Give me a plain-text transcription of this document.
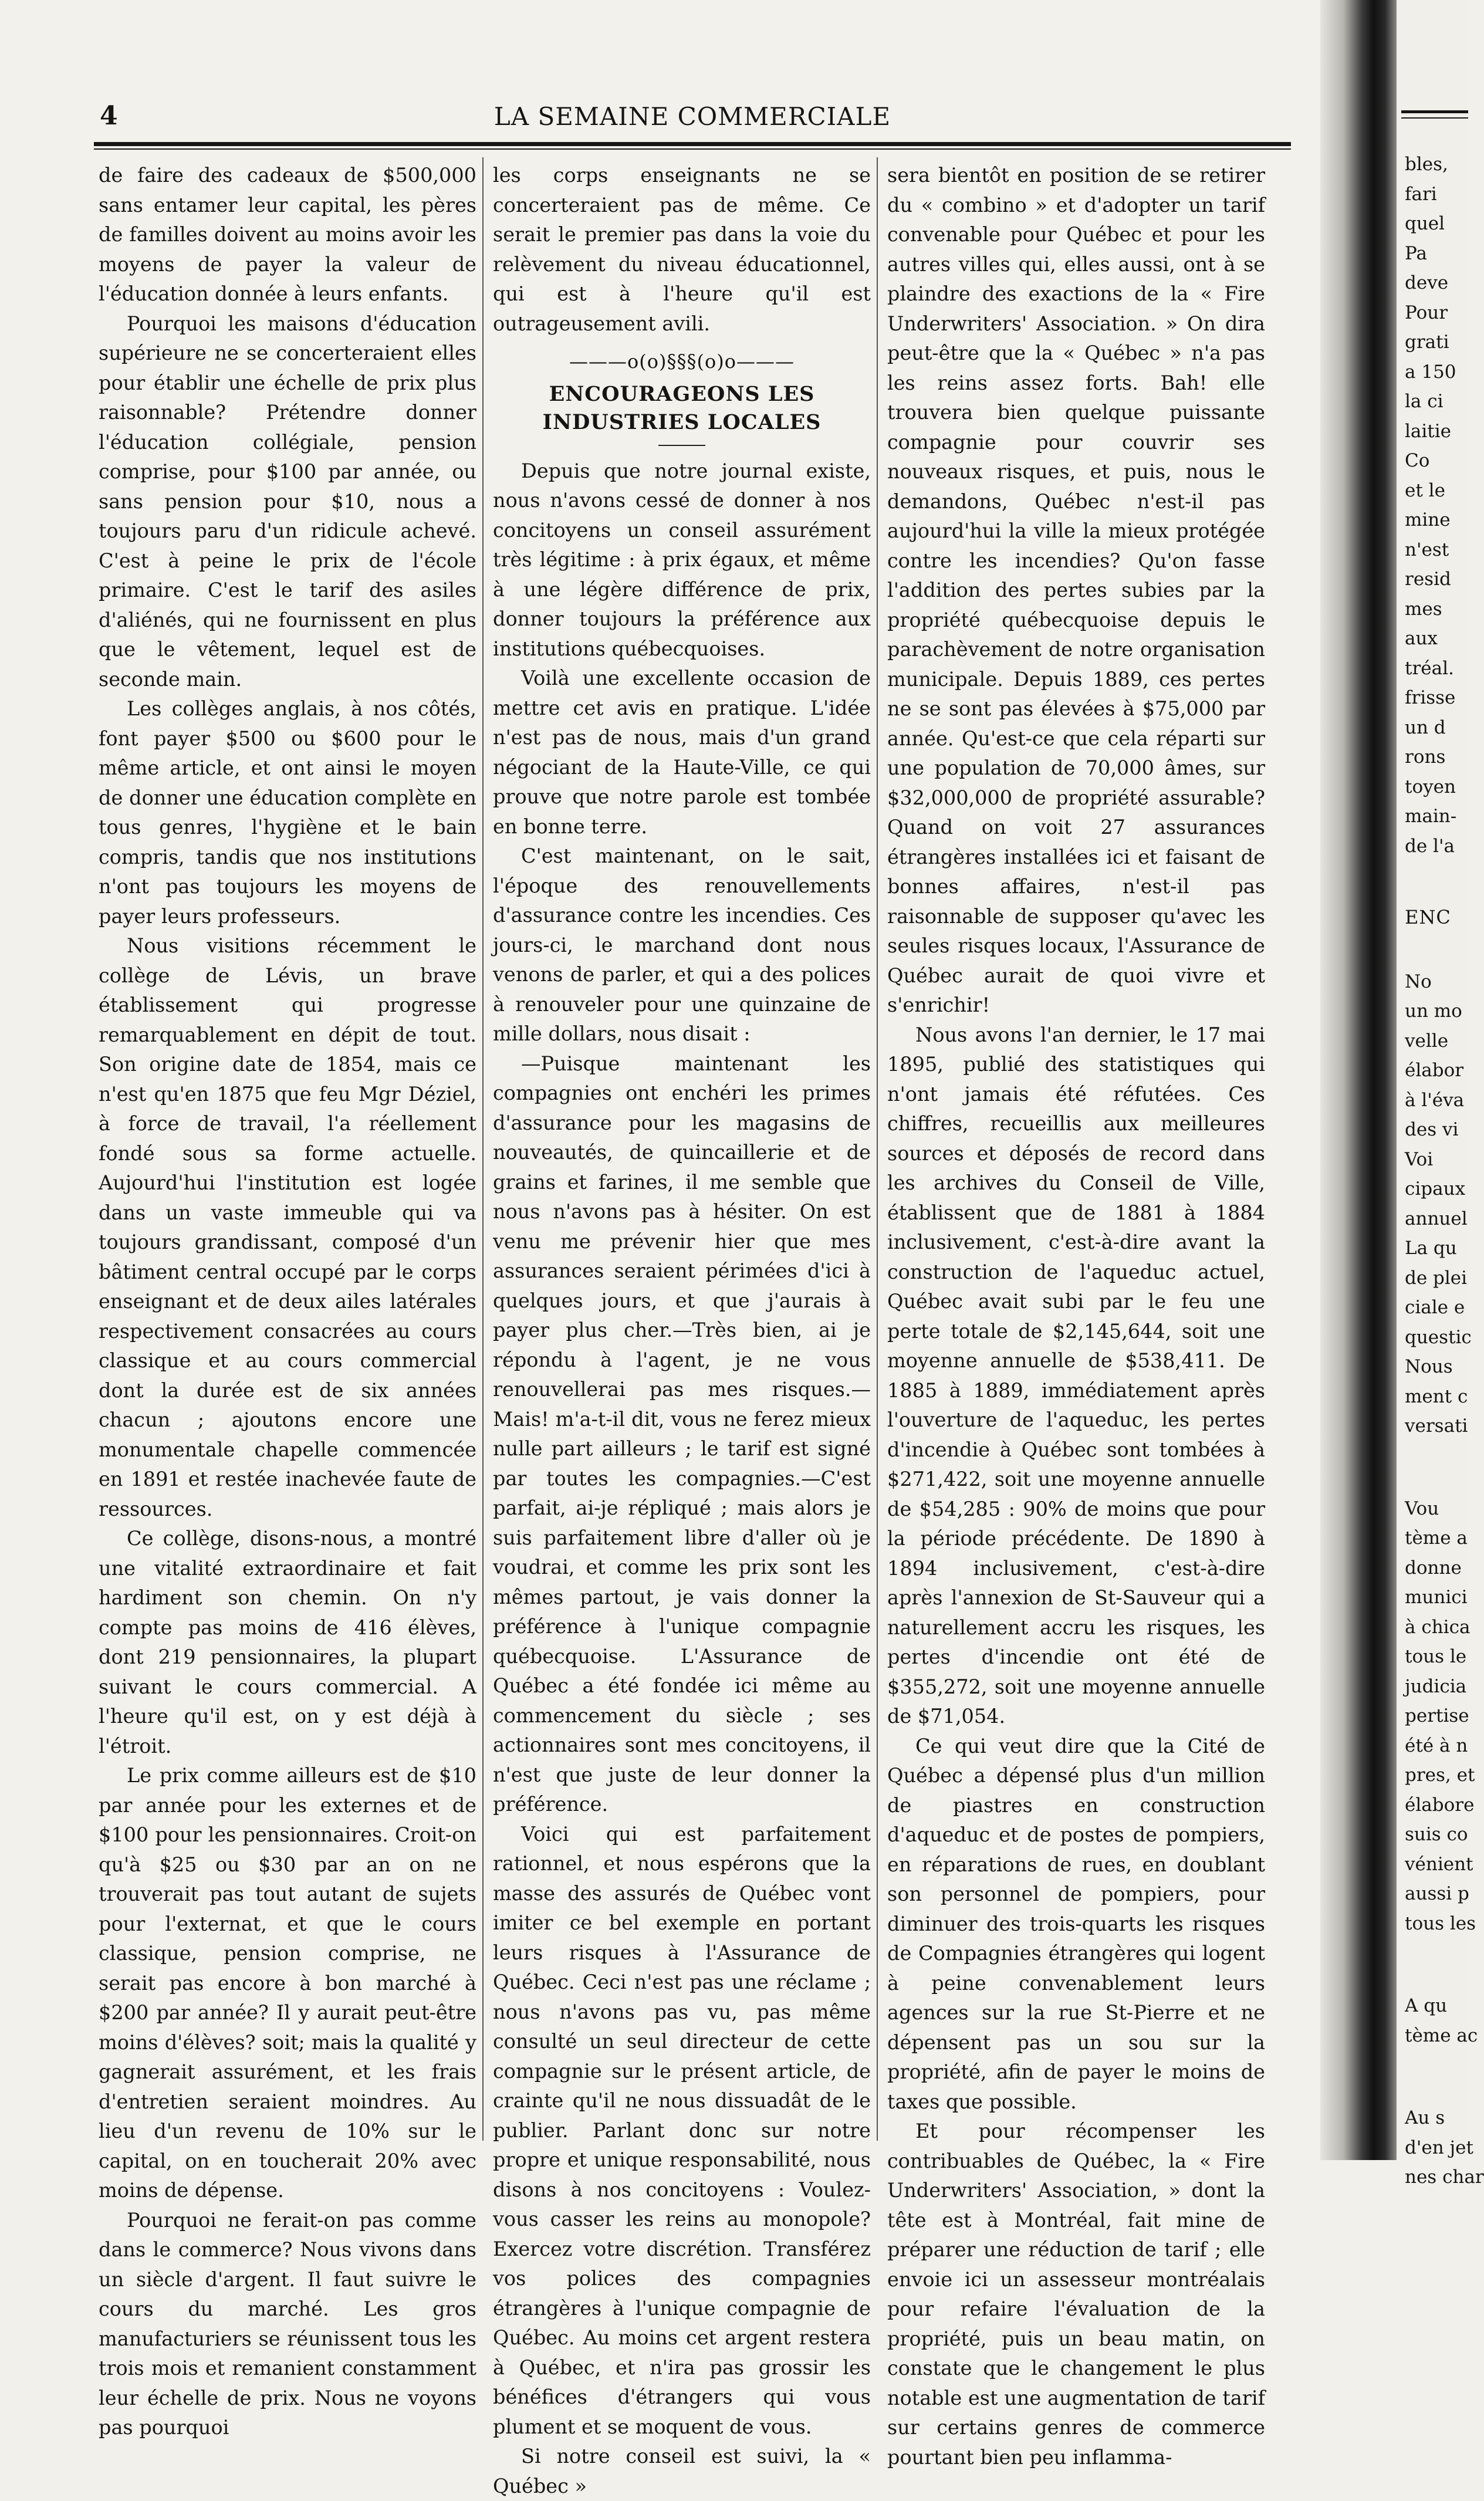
4	LA SEMAINE COMMERCIALE

de faire des cadeaux de $500,000 sans entamer leur capital, les pères de familles doivent au moins avoir les moyens de payer la valeur de l'éducation donnée à leurs enfants.

Pourquoi les maisons d'éducation supérieure ne se concerteraient elles pour établir une échelle de prix plus raisonnable? Prétendre donner l'éducation collégiale, pension comprise, pour $100 par année, ou sans pension pour $10, nous a toujours paru d'un ridicule achevé. C'est à peine le prix de l'école primaire. C'est le tarif des asiles d'aliénés, qui ne fournissent en plus que le vêtement, lequel est de seconde main.

Les collèges anglais, à nos côtés, font payer $500 ou $600 pour le même article, et ont ainsi le moyen de donner une éducation complète en tous genres, l'hygiène et le bain compris, tandis que nos institutions n'ont pas toujours les moyens de payer leurs professeurs.

Nous visitions récemment le collège de Lévis, un brave établissement qui progresse remarquablement en dépit de tout. Son origine date de 1854, mais ce n'est qu'en 1875 que feu Mgr Déziel, à force de travail, l'a réellement fondé sous sa forme actuelle. Aujourd'hui l'institution est logée dans un vaste immeuble qui va toujours grandissant, composé d'un bâtiment central occupé par le corps enseignant et de deux ailes latérales respectivement consacrées au cours classique et au cours commercial dont la durée est de six années chacun ; ajoutons encore une monumentale chapelle commencée en 1891 et restée inachevée faute de ressources.

Ce collège, disons-nous, a montré une vitalité extraordinaire et fait hardiment son chemin. On n'y compte pas moins de 416 élèves, dont 219 pensionnaires, la plupart suivant le cours commercial. A l'heure qu'il est, on y est déjà à l'étroit.

Le prix comme ailleurs est de $10 par année pour les externes et de $100 pour les pensionnaires. Croit-on qu'à $25 ou $30 par an on ne trouverait pas tout autant de sujets pour l'externat, et que le cours classique, pension comprise, ne serait pas encore à bon marché à $200 par année? Il y aurait peut-être moins d'élèves? soit; mais la qualité y gagnerait assurément, et les frais d'entretien seraient moindres. Au lieu d'un revenu de 10% sur le capital, on en toucherait 20% avec moins de dépense.

Pourquoi ne ferait-on pas comme dans le commerce? Nous vivons dans un siècle d'argent. Il faut suivre le cours du marché. Les gros manufacturiers se réunissent tous les trois mois et remanient constamment leur échelle de prix. Nous ne voyons pas pourquoi

les corps enseignants ne se concerteraient pas de même. Ce serait le premier pas dans la voie du relèvement du niveau éducationnel, qui est à l'heure qu'il est outrageusement avili.

———o(o)§§§(o)o———
ENCOURAGEONS LES INDUSTRIES LOCALES

Depuis que notre journal existe, nous n'avons cessé de donner à nos concitoyens un conseil assurément très légitime : à prix égaux, et même à une légère différence de prix, donner toujours la préférence aux institutions québecquoises.

Voilà une excellente occasion de mettre cet avis en pratique. L'idée n'est pas de nous, mais d'un grand négociant de la Haute-Ville, ce qui prouve que notre parole est tombée en bonne terre.

C'est maintenant, on le sait, l'époque des renouvellements d'assurance contre les incendies. Ces jours-ci, le marchand dont nous venons de parler, et qui a des polices à renouveler pour une quinzaine de mille dollars, nous disait :

—Puisque maintenant les compagnies ont enchéri les primes d'assurance pour les magasins de nouveautés, de quincaillerie et de grains et farines, il me semble que nous n'avons pas à hésiter. On est venu me prévenir hier que mes assurances seraient périmées d'ici à quelques jours, et que j'aurais à payer plus cher.—Très bien, ai je répondu à l'agent, je ne vous renouvellerai pas mes risques.—Mais! m'a-t-il dit, vous ne ferez mieux nulle part ailleurs ; le tarif est signé par toutes les compagnies.—C'est parfait, ai-je répliqué ; mais alors je suis parfaitement libre d'aller où je voudrai, et comme les prix sont les mêmes partout, je vais donner la préférence à l'unique compagnie québecquoise. L'Assurance de Québec a été fondée ici même au commencement du siècle ; ses actionnaires sont mes concitoyens, il n'est que juste de leur donner la préférence.

Voici qui est parfaitement rationnel, et nous espérons que la masse des assurés de Québec vont imiter ce bel exemple en portant leurs risques à l'Assurance de Québec. Ceci n'est pas une réclame ; nous n'avons pas vu, pas même consulté un seul directeur de cette compagnie sur le présent article, de crainte qu'il ne nous dissuadât de le publier. Parlant donc sur notre propre et unique responsabilité, nous disons à nos concitoyens : Voulez-vous casser les reins au monopole? Exercez votre discrétion. Transférez vos polices des compagnies étrangères à l'unique compagnie de Québec. Au moins cet argent restera à Québec, et n'ira pas grossir les bénéfices d'étrangers qui vous plument et se moquent de vous.

Si notre conseil est suivi, la « Québec »

sera bientôt en position de se retirer du « combino » et d'adopter un tarif convenable pour Québec et pour les autres villes qui, elles aussi, ont à se plaindre des exactions de la « Fire Underwriters' Association. » On dira peut-être que la « Québec » n'a pas les reins assez forts. Bah! elle trouvera bien quelque puissante compagnie pour couvrir ses nouveaux risques, et puis, nous le demandons, Québec n'est-il pas aujourd'hui la ville la mieux protégée contre les incendies? Qu'on fasse l'addition des pertes subies par la propriété québecquoise depuis le parachèvement de notre organisation municipale. Depuis 1889, ces pertes ne se sont pas élevées à $75,000 par année. Qu'est-ce que cela réparti sur une population de 70,000 âmes, sur $32,000,000 de propriété assurable? Quand on voit 27 assurances étrangères installées ici et faisant de bonnes affaires, n'est-il pas raisonnable de supposer qu'avec les seules risques locaux, l'Assurance de Québec aurait de quoi vivre et s'enrichir!

Nous avons l'an dernier, le 17 mai 1895, publié des statistiques qui n'ont jamais été réfutées. Ces chiffres, recueillis aux meilleures sources et déposés de record dans les archives du Conseil de Ville, établissent que de 1881 à 1884 inclusivement, c'est-à-dire avant la construction de l'aqueduc actuel, Québec avait subi par le feu une perte totale de $2,145,644, soit une moyenne annuelle de $538,411. De 1885 à 1889, immédiatement après l'ouverture de l'aqueduc, les pertes d'incendie à Québec sont tombées à $271,422, soit une moyenne annuelle de $54,285 : 90% de moins que pour la période précédente. De 1890 à 1894 inclusivement, c'est-à-dire après l'annexion de St-Sauveur qui a naturellement accru les risques, les pertes d'incendie ont été de $355,272, soit une moyenne annuelle de $71,054.

Ce qui veut dire que la Cité de Québec a dépensé plus d'un million de piastres en construction d'aqueduc et de postes de pompiers, en réparations de rues, en doublant son personnel de pompiers, pour diminuer des trois-quarts les risques de Compagnies étrangères qui logent à peine convenablement leurs agences sur la rue St-Pierre et ne dépensent pas un sou sur la propriété, afin de payer le moins de taxes que possible.

Et pour récompenser les contribuables de Québec, la « Fire Underwriters' Association, » dont la tête est à Montréal, fait mine de préparer une réduction de tarif ; elle envoie ici un assesseur montréalais pour refaire l'évaluation de la propriété, puis un beau matin, on constate que le changement le plus notable est une augmentation de tarif sur certains genres de commerce pourtant bien peu inflamma-

bles,
fari
quel
Pa
deve
Pour
grati
a 150
la ci
laitie
Co
et le
mine
n'est
resid
mes
aux
tréal.
frisse
un d
rons
toyen
main-
de l'a
ENC
No
un mo
velle
élabor
à l'éva
des vi
Voi
cipaux
annuel
La qu
de plei
ciale e
questic
Nous
ment c
versati
Vou
tème a
donne
munici
à chica
tous le
judicia
pertise
été à n
pres, et
élabore
suis co
vénient
aussi p
tous les
A qu
tème ac
Au s
d'en jet
nes char
